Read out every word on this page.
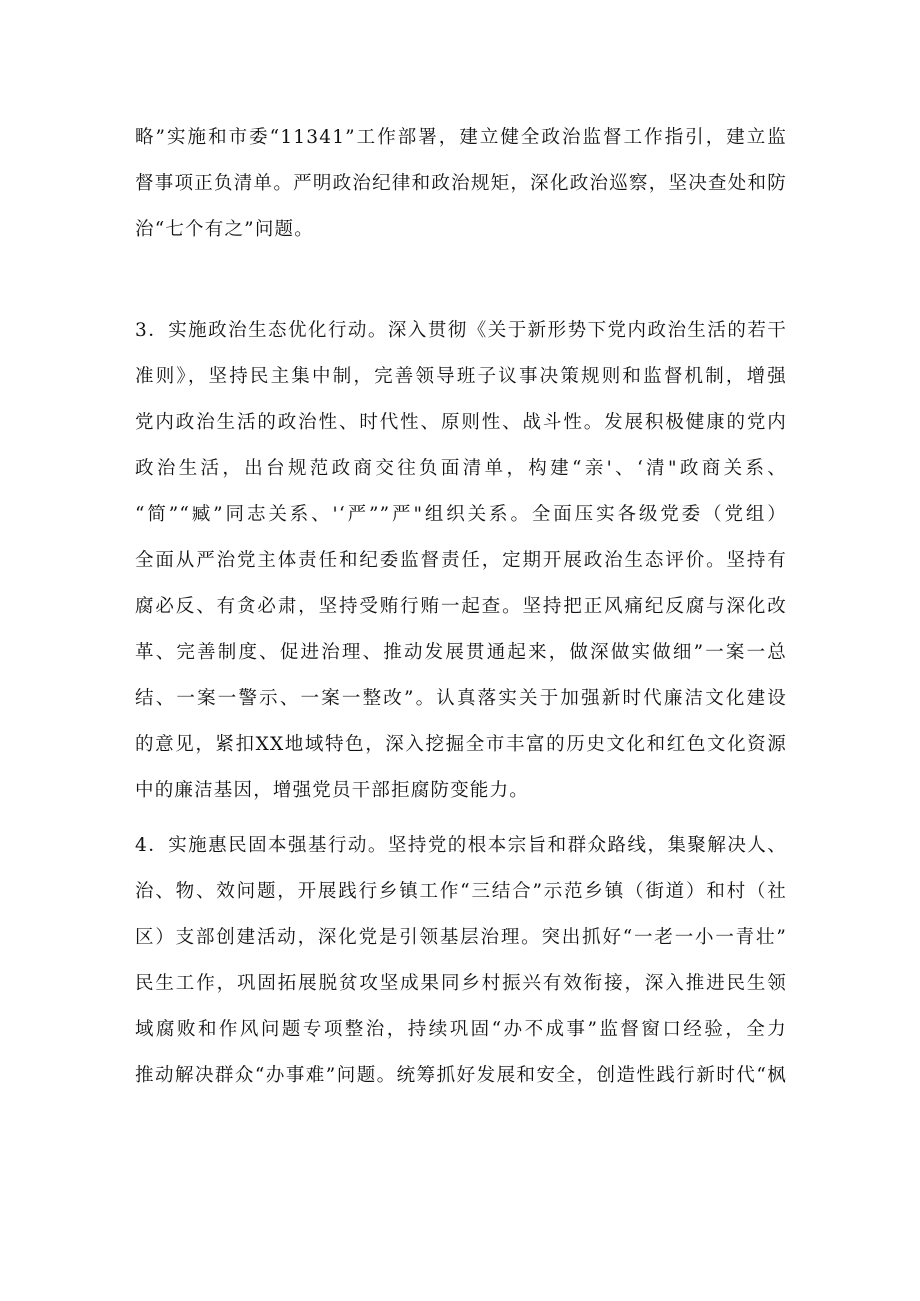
略”实施和市委“11341”工作部署，建立健全政治监督工作指引，建立监
督事项正负清单。严明政治纪律和政治规矩，深化政治巡察，坚决查处和防
治“七个有之”问题。
3．实施政治生态优化行动。深入贯彻《关于新形势下党内政治生活的若干
准则》，坚持民主集中制，完善领导班子议事决策规则和监督机制，增强
党内政治生活的政治性、时代性、原则性、战斗性。发展积极健康的党内
政治生活，出台规范政商交往负面清单，构建“亲'、‘清"政商关系、
“简”“臧”同志关系、'‘严””严"组织关系。全面压实各级党委（党组）
全面从严治党主体责任和纪委监督责任，定期开展政治生态评价。坚持有
腐必反、有贪必肃，坚持受贿行贿一起查。坚持把正风痛纪反腐与深化改
革、完善制度、促进治理、推动发展贯通起来，做深做实做细”一案一总
结、一案一警示、一案一整改”。认真落实关于加强新时代廉洁文化建设
的意见，紧扣XX地域特色，深入挖掘全市丰富的历史文化和红色文化资源
中的廉洁基因，增强党员干部拒腐防变能力。
4．实施惠民固本强基行动。坚持党的根本宗旨和群众路线，集聚解决人、
治、物、效问题，开展践行乡镇工作“三结合”示范乡镇（街道）和村（社
区）支部创建活动，深化党是引领基层治理。突出抓好“一老一小一青壮”
民生工作，巩固拓展脱贫攻坚成果同乡村振兴有效衔接，深入推进民生领
域腐败和作风问题专项整治，持续巩固“办不成事”监督窗口经验，全力
推动解决群众“办事难”问题。统筹抓好发展和安全，创造性践行新时代“枫
